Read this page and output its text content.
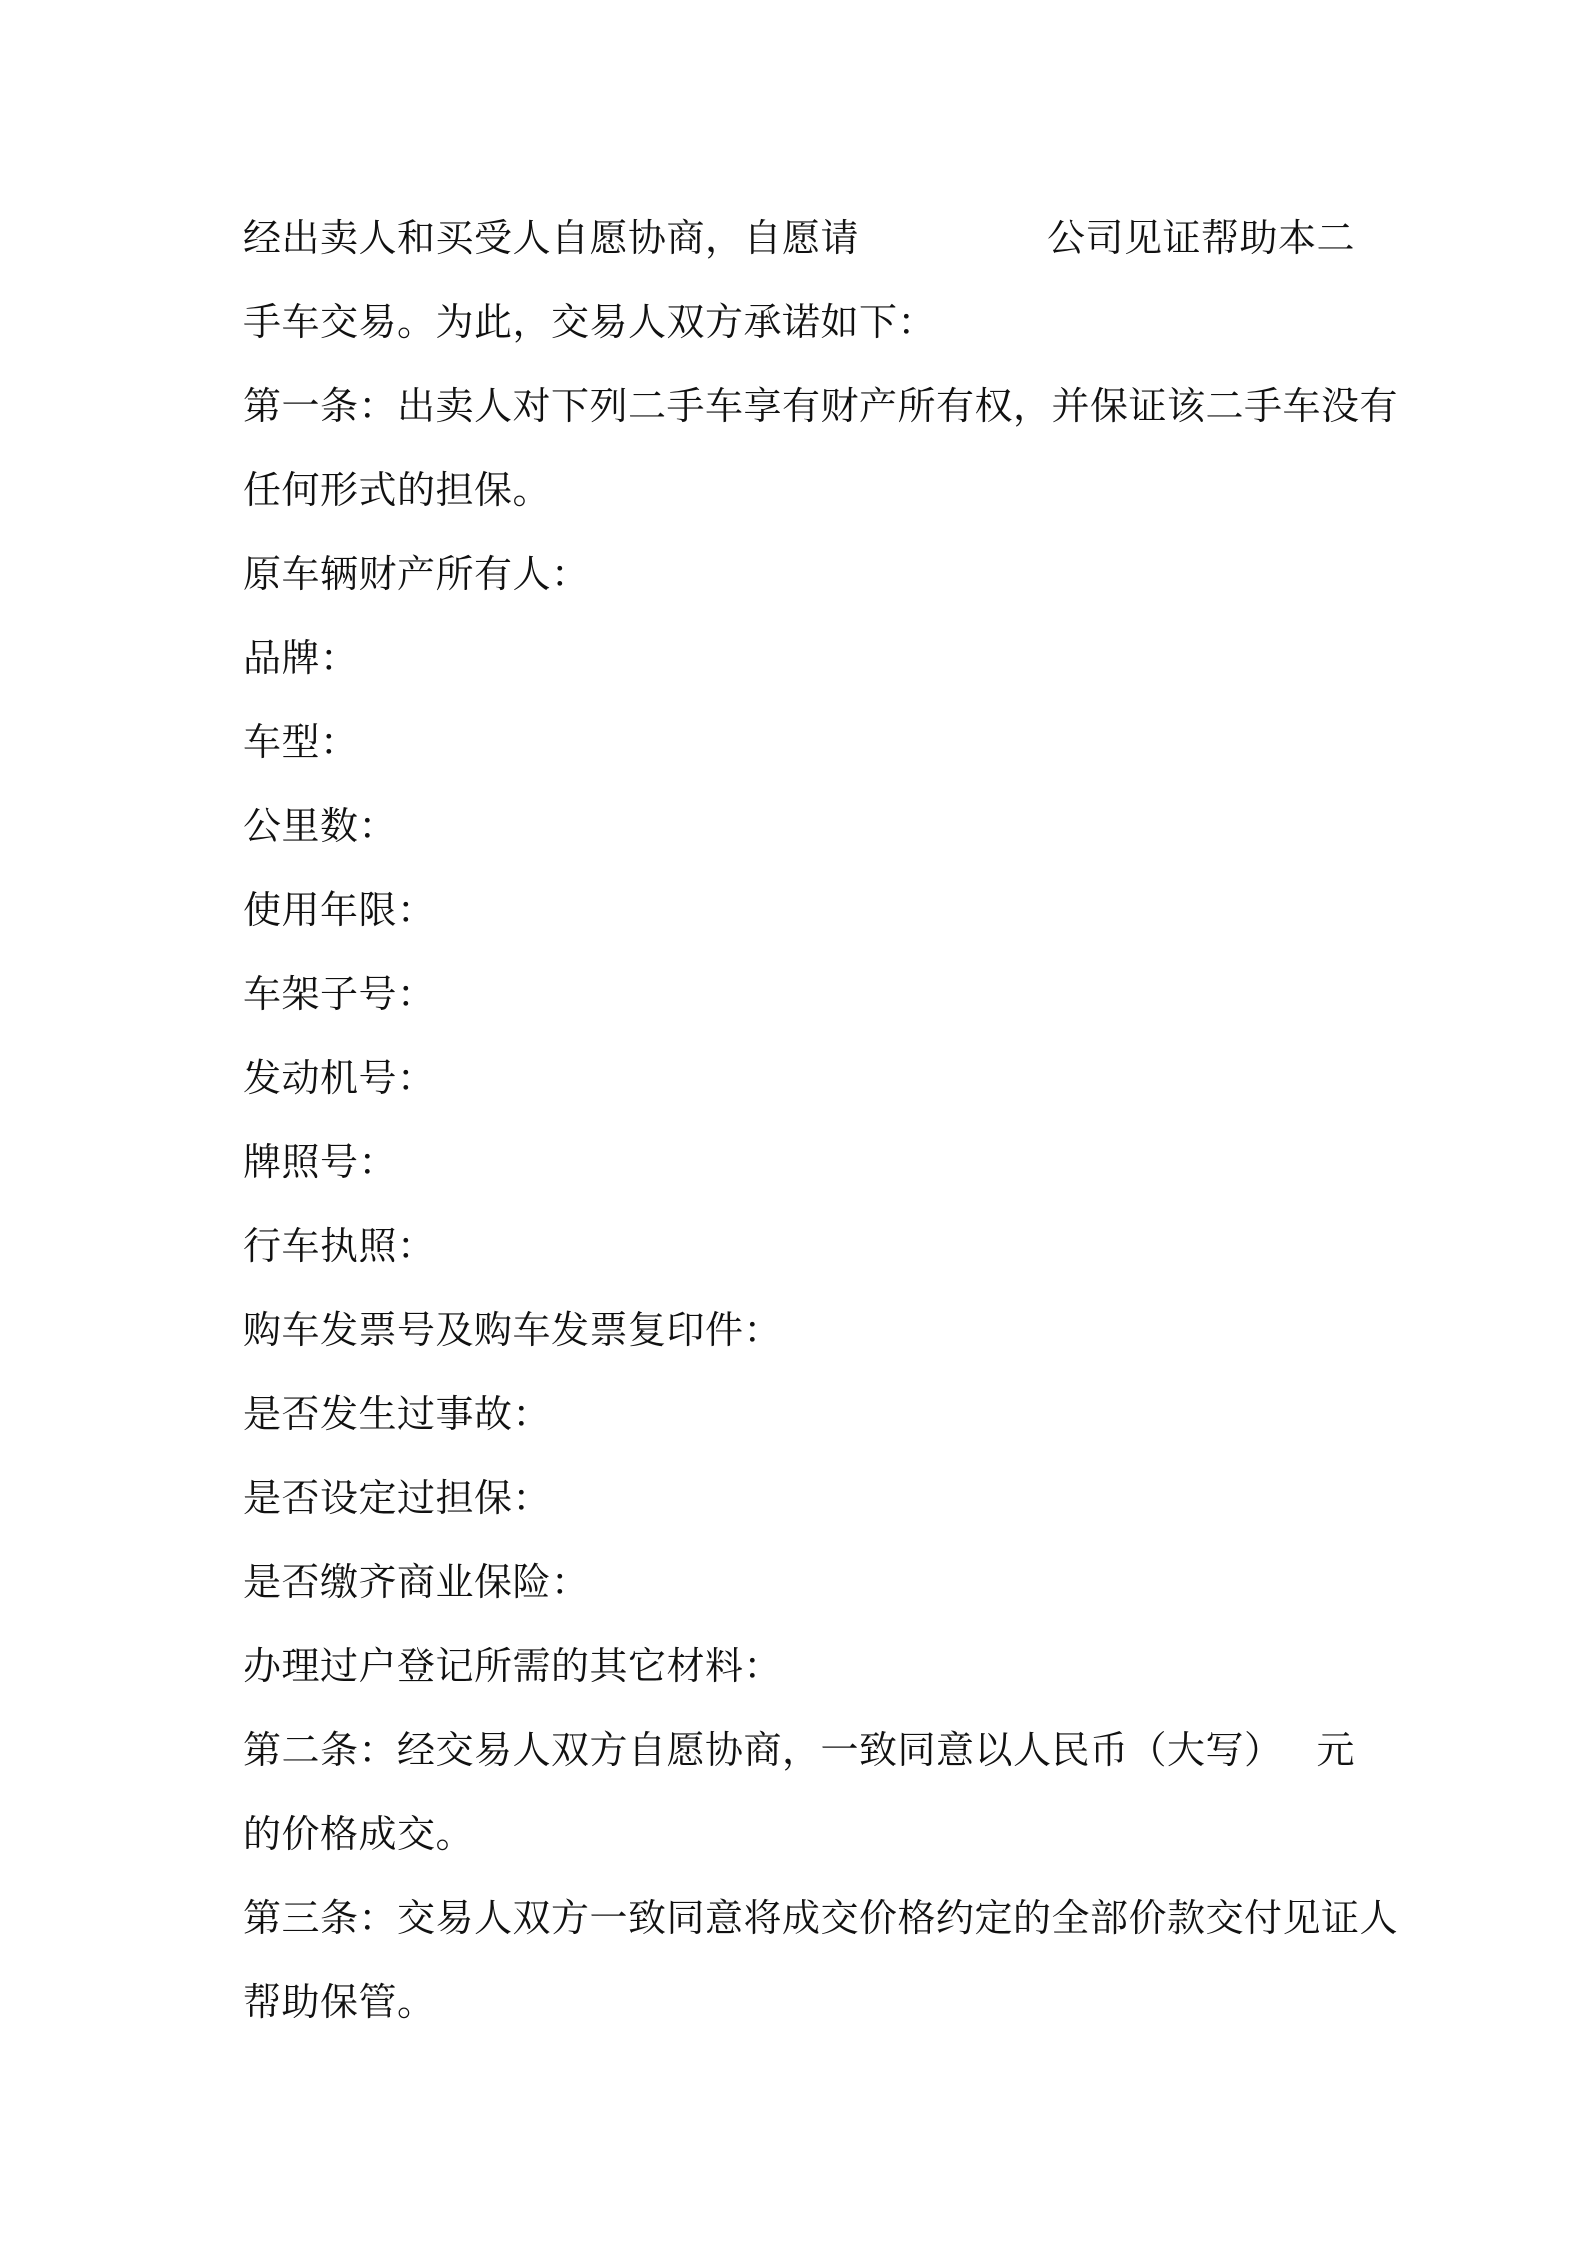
经出卖人和买受人自愿协商，自愿请	公司见证帮助本二
手车交易。为此，交易人双方承诺如下：
第一条：出卖人对下列二手车享有财产所有权，并保证该二手车没有
任何形式的担保。
原车辆财产所有人：
品牌：
车型：
公里数：
使用年限：
车架子号：
发动机号：
牌照号：
行车执照：
购车发票号及购车发票复印件：
是否发生过事故：
是否设定过担保：
是否缴齐商业保险：
办理过户登记所需的其它材料：
第二条：经交易人双方自愿协商，一致同意以人民币（大写） 元
的价格成交。
第三条：交易人双方一致同意将成交价格约定的全部价款交付见证人
帮助保管。
